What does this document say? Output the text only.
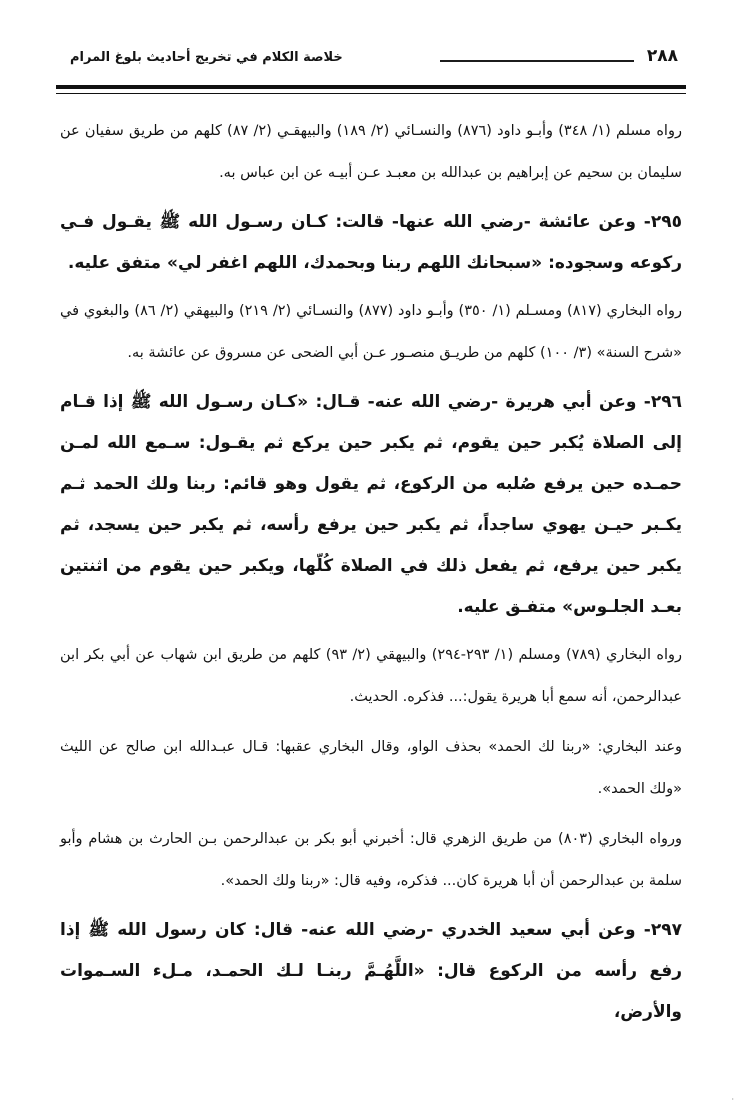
٢٨٨
خلاصة الكلام في تخريج أحاديث بلوغ المرام

رواه مسلم (١/ ٣٤٨) وأبـو داود (٨٧٦) والنسـائي (٢/ ١٨٩) والبيهقـي (٢/ ٨٧) كلهم من طريق سفيان عن سليمان بن سحيم عن إبراهيم بن عبدالله بن معبـد عـن أبيـه عن ابن عباس به.

٢٩٥- وعن عائشة -رضي الله عنها- قالت: كـان رسـول الله ﷺ يقـول فـي ركوعه وسجوده: «سبحانك اللهم ربنا وبحمدك، اللهم اغفر لي» متفق عليه.

رواه البخاري (٨١٧) ومسـلم (١/ ٣٥٠) وأبـو داود (٨٧٧) والنسـائي (٢/ ٢١٩) والبيهقي (٢/ ٨٦) والبغوي في «شرح السنة» (٣/ ١٠٠) كلهم من طريـق منصـور عـن أبي الضحى عن مسروق عن عائشة به.

٢٩٦- وعن أبي هريرة -رضي الله عنه- قـال: «كـان رسـول الله ﷺ إذا قـام إلى الصلاة يُكبر حين يقوم، ثم يكبر حين يركع ثم يقـول: سـمع الله لمـن حمـده حين يرفع صُلبه من الركوع، ثم يقول وهو قائم: ربنا ولك الحمد ثـم يكـبر حيـن يهوي ساجداً، ثم يكبر حين يرفع رأسه، ثم يكبر حين يسجد، ثم يكبر حين يرفع، ثم يفعل ذلك في الصلاة كُلّها، ويكبر حين يقوم من اثنتين بعـد الجلـوس» متفـق عليه.

رواه البخاري (٧٨٩) ومسلم (١/ ٢٩٣-٢٩٤) والبيهقي (٢/ ٩٣) كلهم من طريق ابن شهاب عن أبي بكر ابن عبدالرحمن، أنه سمع أبا هريرة يقول:... فذكره. الحديث.

وعند البخاري: «ربنا لك الحمد» بحذف الواو، وقال البخاري عقبها: قـال عبـدالله ابن صالح عن الليث «ولك الحمد».

ورواه البخاري (٨٠٣) من طريق الزهري قال: أخبرني أبو بكر بن عبدالرحمن بـن الحارث بن هشام وأبو سلمة بن عبدالرحمن أن أبا هريرة كان... فذكره، وفيه قال: «ربنا ولك الحمد».

٢٩٧- وعن أبي سعيد الخدري -رضي الله عنه- قال: كان رسول الله ﷺ إذا رفع رأسه من الركوع قال: «اللَّهُـمَّ ربنـا لـك الحمـد، مـلء السـموات والأرض،

·
